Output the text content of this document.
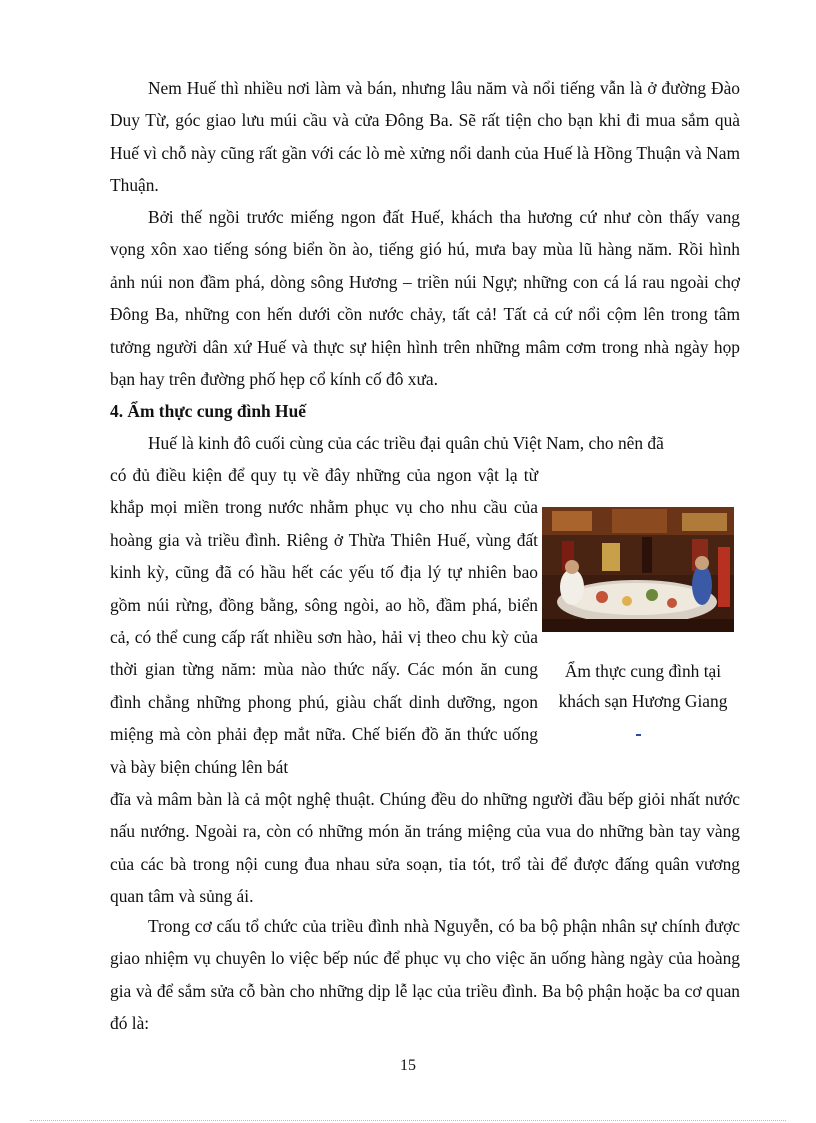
Nem Huế thì nhiều nơi làm và bán, nhưng lâu năm và nổi tiếng vẫn là ở đường Đào Duy Từ, góc giao lưu múi cầu và cửa Đông Ba. Sẽ rất tiện cho bạn khi đi mua sắm quà Huế vì chỗ này cũng rất gần với các lò mè xửng nổi danh của Huế là Hồng Thuận và Nam Thuận.

Bởi thế ngồi trước miếng ngon đất Huế, khách tha hương cứ như còn thấy vang vọng xôn xao tiếng sóng biển ồn ào, tiếng gió hú, mưa bay mùa lũ hàng năm. Rồi hình ảnh núi non đầm phá, dòng sông Hương – triền núi Ngự; những con cá lá rau ngoài chợ Đông Ba, những con hến dưới cồn nước chảy, tất cả! Tất cả cứ nổi cộm lên trong tâm tưởng người dân xứ Huế và thực sự hiện hình trên những mâm cơm trong nhà ngày họp bạn hay trên đường phố hẹp cổ kính cố đô xưa.

4. Ẩm thực cung đình Huế

Huế là kinh đô cuối cùng của các triều đại quân chủ Việt Nam, cho nên đã

có đủ điều kiện để quy tụ về đây những của ngon vật lạ từ khắp mọi miền trong nước nhằm phục vụ cho nhu cầu của hoàng gia và triều đình. Riêng ở Thừa Thiên Huế, vùng đất kinh kỳ, cũng đã có hầu hết các yếu tố địa lý tự nhiên bao gồm núi rừng, đồng bằng, sông ngòi, ao hồ, đầm phá, biển cả, có thể cung cấp rất nhiều sơn hào, hải vị theo chu kỳ của thời gian từng năm: mùa nào thức nấy. Các món ăn cung đình chẳng những phong phú, giàu chất dinh dưỡng, ngon miệng mà còn phải đẹp mắt nữa. Chế biến đồ ăn thức uống và bày biện chúng lên bát

Ẩm thực cung đình tại khách sạn Hương Giang

đĩa và mâm bàn là cả một nghệ thuật. Chúng đều do những người đầu bếp giỏi nhất nước nấu nướng. Ngoài ra, còn có những món ăn tráng miệng của vua do những bàn tay vàng của các bà trong nội cung đua nhau sửa soạn, tỉa tót, trổ tài để được đấng quân vương quan tâm và sủng ái.

Trong cơ cấu tổ chức của triều đình nhà Nguyễn, có ba bộ phận nhân sự chính được giao nhiệm vụ chuyên lo việc bếp núc để phục vụ cho việc ăn uống hàng ngày của hoàng gia và để sắm sửa cỗ bàn cho những dịp lễ lạc của triều đình. Ba bộ phận hoặc ba cơ quan đó là:

15
